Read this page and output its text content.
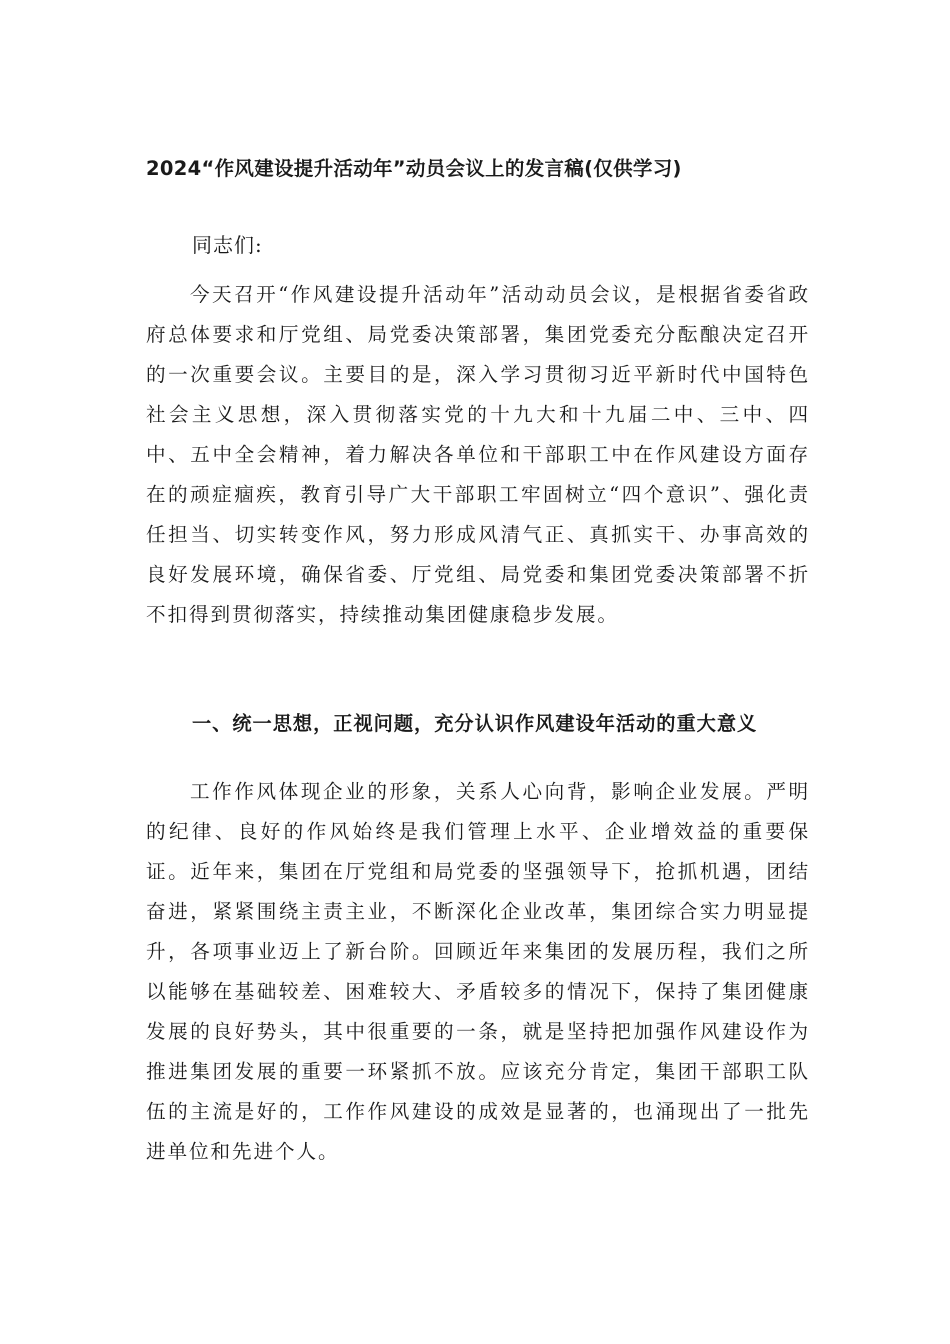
2024“作风建设提升活动年”动员会议上的发言稿(仅供学习)

同志们:

今天召开“作风建设提升活动年”活动动员会议，是根据省委省政府总体要求和厅党组、局党委决策部署，集团党委充分酝酿决定召开的一次重要会议。主要目的是，深入学习贯彻习近平新时代中国特色社会主义思想，深入贯彻落实党的十九大和十九届二中、三中、四中、五中全会精神，着力解决各单位和干部职工中在作风建设方面存在的顽症痼疾，教育引导广大干部职工牢固树立“四个意识”、强化责任担当、切实转变作风，努力形成风清气正、真抓实干、办事高效的良好发展环境，确保省委、厅党组、局党委和集团党委决策部署不折不扣得到贯彻落实，持续推动集团健康稳步发展。

一、统一思想，正视问题，充分认识作风建设年活动的重大意义

工作作风体现企业的形象，关系人心向背，影响企业发展。严明的纪律、良好的作风始终是我们管理上水平、企业增效益的重要保证。近年来，集团在厅党组和局党委的坚强领导下，抢抓机遇，团结奋进，紧紧围绕主责主业，不断深化企业改革，集团综合实力明显提升，各项事业迈上了新台阶。回顾近年来集团的发展历程，我们之所以能够在基础较差、困难较大、矛盾较多的情况下，保持了集团健康发展的良好势头，其中很重要的一条，就是坚持把加强作风建设作为推进集团发展的重要一环紧抓不放。应该充分肯定，集团干部职工队伍的主流是好的，工作作风建设的成效是显著的，也涌现出了一批先进单位和先进个人。
